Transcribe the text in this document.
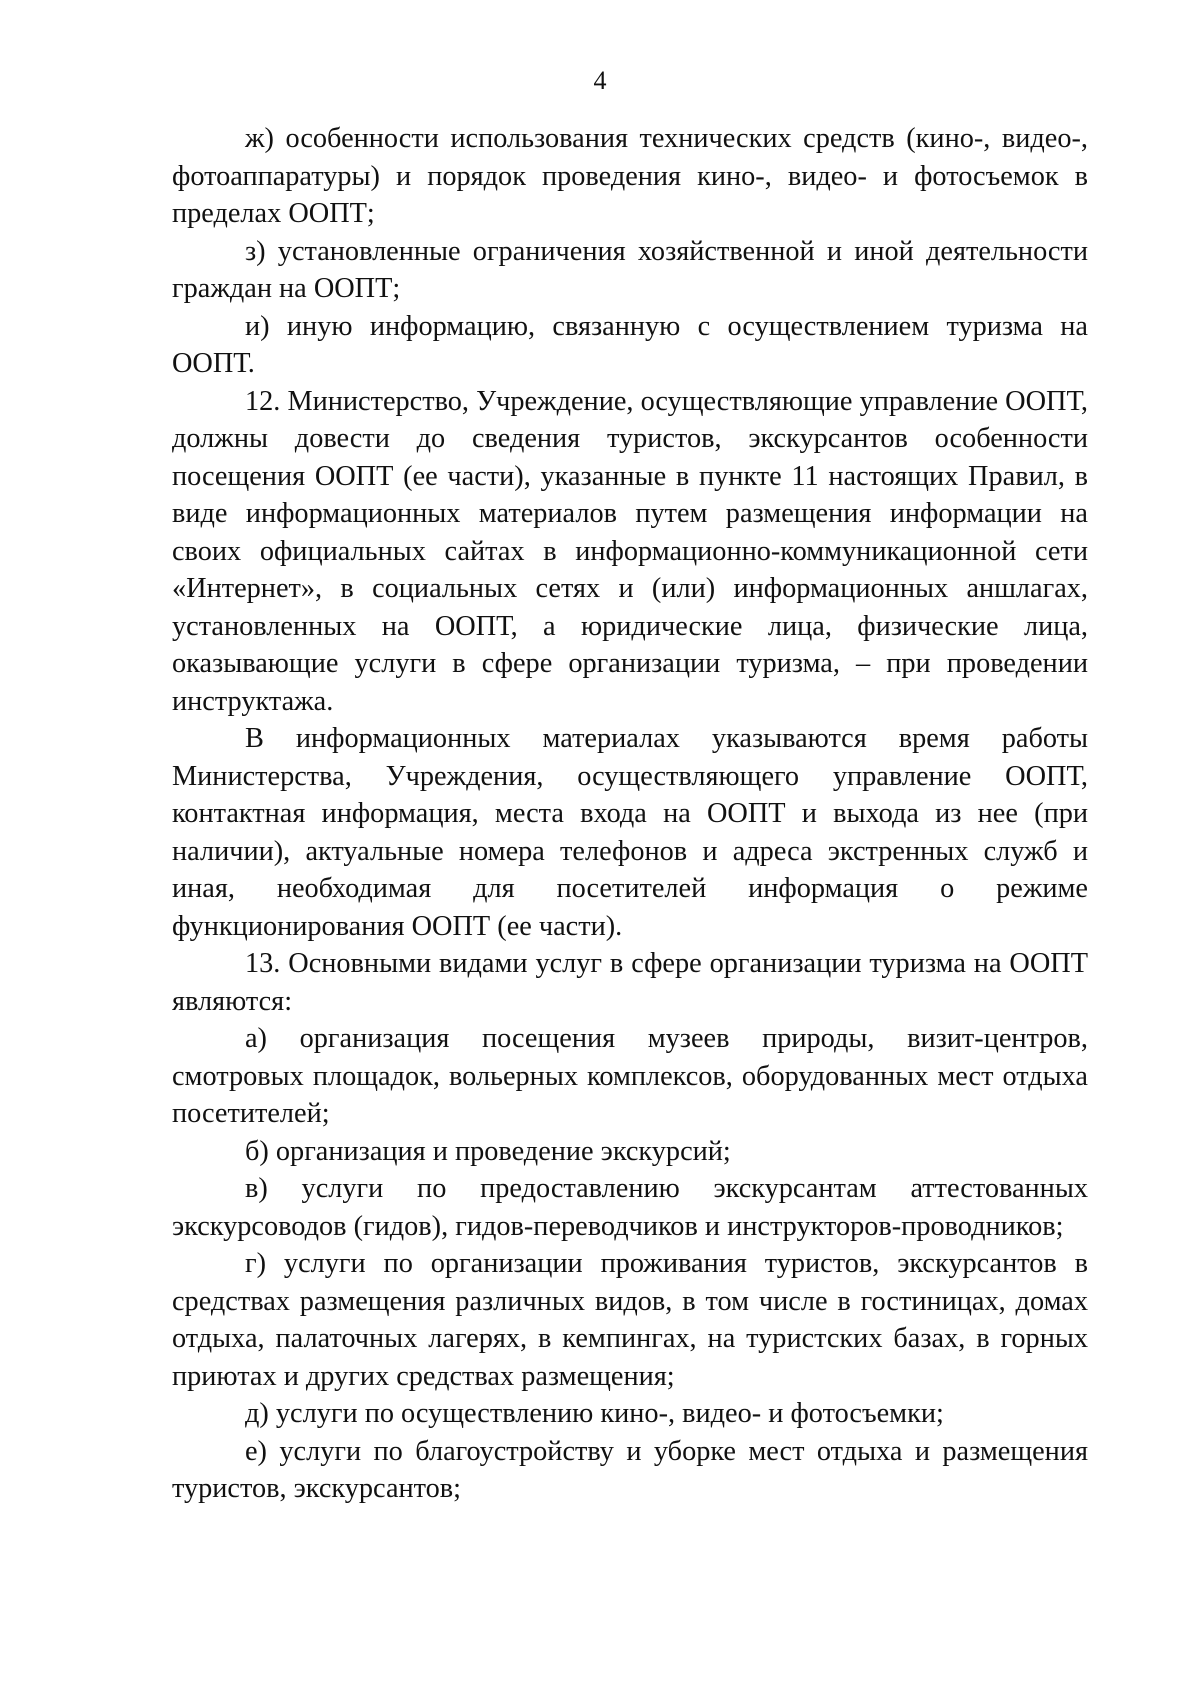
4

ж) особенности использования технических средств (кино-, видео-, фотоаппаратуры) и порядок проведения кино-, видео- и фотосъемок в пределах ООПТ;

з) установленные ограничения хозяйственной и иной деятельности граждан на ООПТ;

и) иную информацию, связанную с осуществлением туризма на ООПТ.

12. Министерство, Учреждение, осуществляющие управление ООПТ, должны довести до сведения туристов, экскурсантов особенности посещения ООПТ (ее части), указанные в пункте 11 настоящих Правил, в виде информационных материалов путем размещения информации на своих официальных сайтах в информационно-коммуникационной сети «Интернет», в социальных сетях и (или) информационных аншлагах, установленных на ООПТ, а юридические лица, физические лица, оказывающие услуги в сфере организации туризма, – при проведении инструктажа.

В информационных материалах указываются время работы Министерства, Учреждения, осуществляющего управление ООПТ, контактная информация, места входа на ООПТ и выхода из нее (при наличии), актуальные номера телефонов и адреса экстренных служб и иная, необходимая для посетителей информация о режиме функционирования ООПТ (ее части).

13. Основными видами услуг в сфере организации туризма на ООПТ являются:

а) организация посещения музеев природы, визит-центров, смотровых площадок, вольерных комплексов, оборудованных мест отдыха посетителей;

б) организация и проведение экскурсий;

в) услуги по предоставлению экскурсантам аттестованных экскурсоводов (гидов), гидов-переводчиков и инструкторов-проводников;

г) услуги по организации проживания туристов, экскурсантов в средствах размещения различных видов, в том числе в гостиницах, домах отдыха, палаточных лагерях, в кемпингах, на туристских базах, в горных приютах и других средствах размещения;

д) услуги по осуществлению кино-, видео- и фотосъемки;

е) услуги по благоустройству и уборке мест отдыха и размещения туристов, экскурсантов;
